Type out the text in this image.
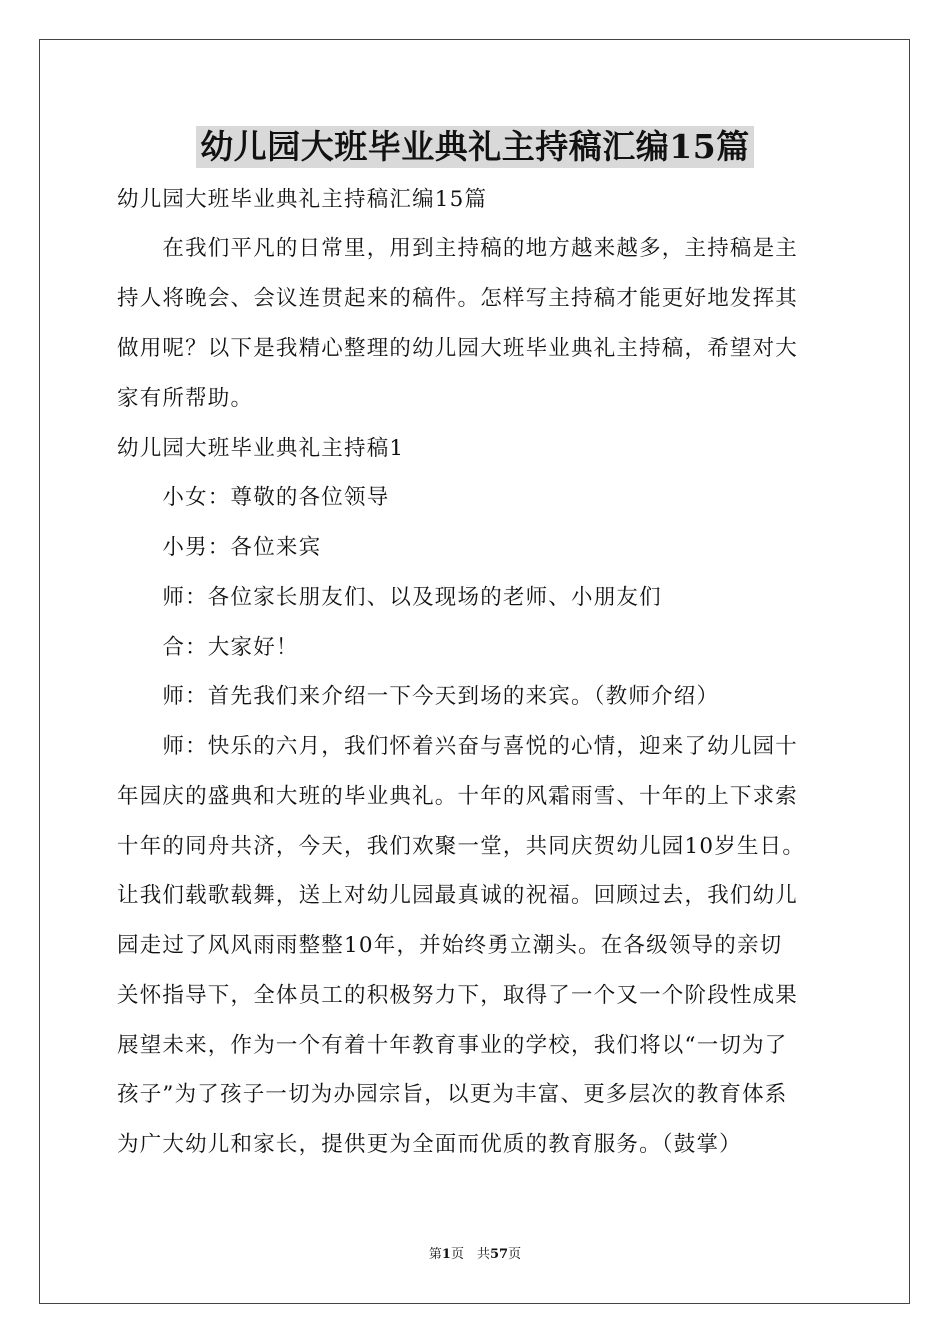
幼儿园大班毕业典礼主持稿汇编15篇
幼儿园大班毕业典礼主持稿汇编15篇
　　在我们平凡的日常里，用到主持稿的地方越来越多，主持稿是主
持人将晚会、会议连贯起来的稿件。怎样写主持稿才能更好地发挥其
做用呢？以下是我精心整理的幼儿园大班毕业典礼主持稿，希望对大
家有所帮助。
幼儿园大班毕业典礼主持稿1
　　小女：尊敬的各位领导
　　小男：各位来宾
　　师：各位家长朋友们、以及现场的老师、小朋友们
　　合：大家好！
　　师：首先我们来介绍一下今天到场的来宾。（教师介绍）
　　师：快乐的六月，我们怀着兴奋与喜悦的心情，迎来了幼儿园十
年园庆的盛典和大班的毕业典礼。十年的风霜雨雪、十年的上下求索
十年的同舟共济，今天，我们欢聚一堂，共同庆贺幼儿园10岁生日。
让我们载歌载舞，送上对幼儿园最真诚的祝福。回顾过去，我们幼儿
园走过了风风雨雨整整10年，并始终勇立潮头。在各级领导的亲切
关怀指导下，全体员工的积极努力下，取得了一个又一个阶段性成果
展望未来，作为一个有着十年教育事业的学校，我们将以“一切为了
孩子”为了孩子一切为办园宗旨，以更为丰富、更多层次的教育体系
为广大幼儿和家长，提供更为全面而优质的教育服务。（鼓掌）
第1页　共57页
